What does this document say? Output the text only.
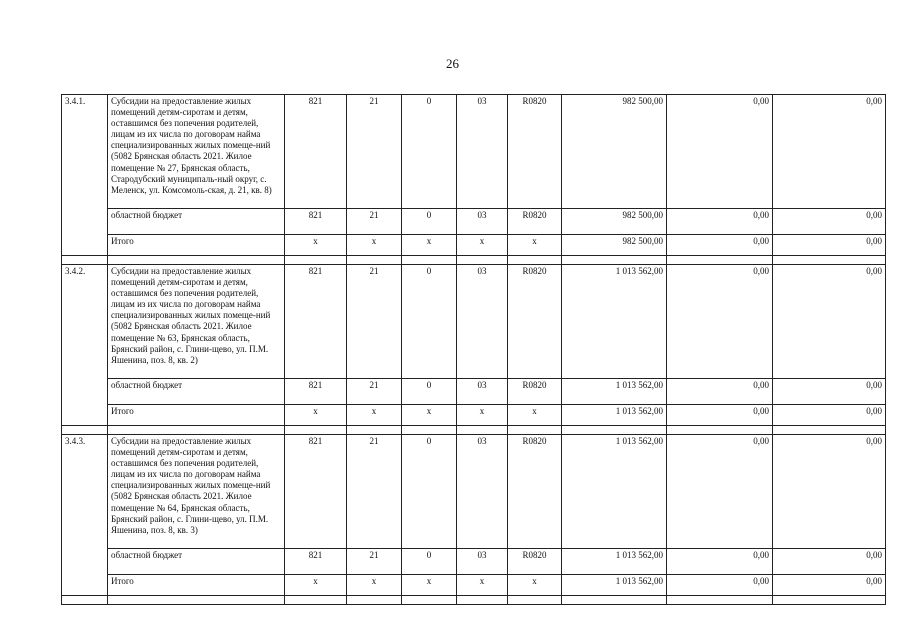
26
3.4.1.	Субсидии на предоставление жилых помещений детям-сиротам и детям, оставшимся без попечения родителей, лицам из их числа по договорам найма специализированных жилых помеще-ний (5082 Брянская область 2021. Жилое помещение № 27, Брянская область, Стародубский муниципаль-ный округ, с. Меленск, ул. Комсомоль-ская, д. 21, кв. 8)	821	21	0	03	R0820	982 500,00	0,00	0,00
	областной бюджет	821	21	0	03	R0820	982 500,00	0,00	0,00
	Итого	x	x	x	x	x	982 500,00	0,00	0,00

3.4.2.	Субсидии на предоставление жилых помещений детям-сиротам и детям, оставшимся без попечения родителей, лицам из их числа по договорам найма специализированных жилых помеще-ний (5082 Брянская область 2021. Жилое помещение № 63, Брянская область, Брянский район, с. Глини-щево, ул. П.М. Яшенина, поз. 8, кв. 2)	821	21	0	03	R0820	1 013 562,00	0,00	0,00
	областной бюджет	821	21	0	03	R0820	1 013 562,00	0,00	0,00
	Итого	x	x	x	x	x	1 013 562,00	0,00	0,00

3.4.3.	Субсидии на предоставление жилых помещений детям-сиротам и детям, оставшимся без попечения родителей, лицам из их числа по договорам найма специализированных жилых помеще-ний (5082 Брянская область 2021. Жилое помещение № 64, Брянская область, Брянский район, с. Глини-щево, ул. П.М. Яшенина, поз. 8, кв. 3)	821	21	0	03	R0820	1 013 562,00	0,00	0,00
	областной бюджет	821	21	0	03	R0820	1 013 562,00	0,00	0,00
	Итого	x	x	x	x	x	1 013 562,00	0,00	0,00
